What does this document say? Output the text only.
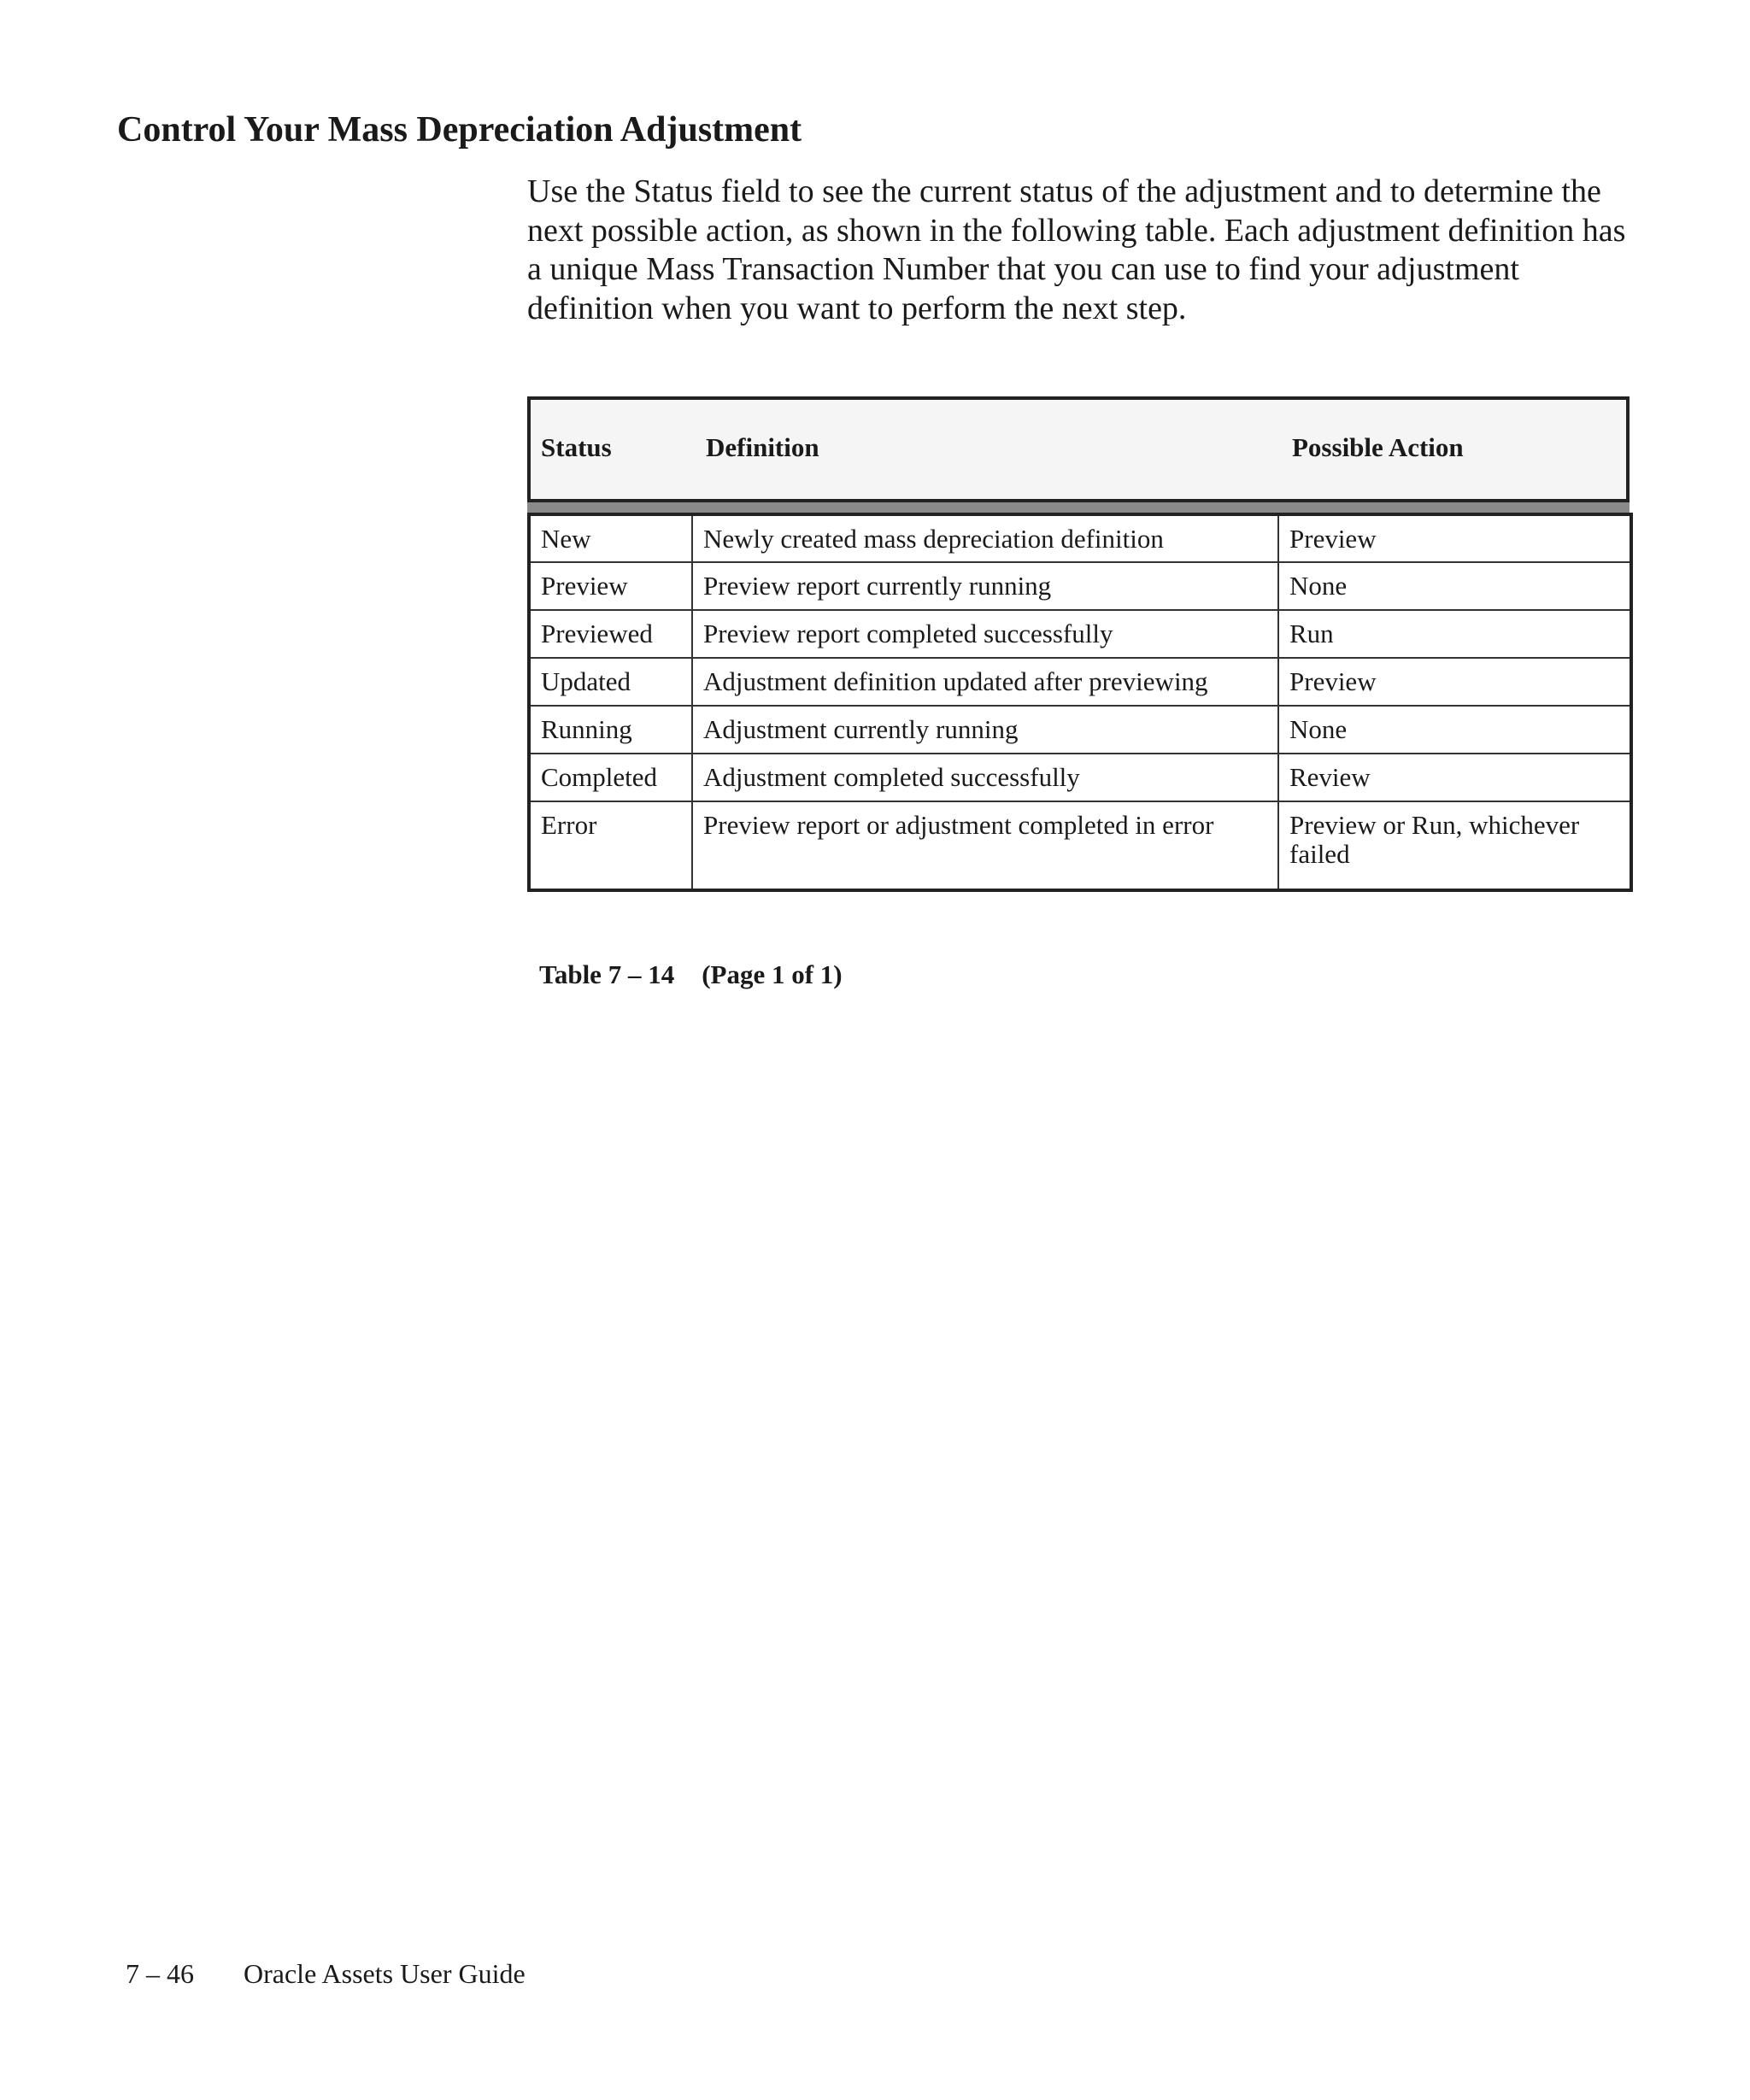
Control Your Mass Depreciation Adjustment

Use the Status field to see the current status of the adjustment and to determine the next possible action, as shown in the following table. Each adjustment definition has a unique Mass Transaction Number that you can use to find your adjustment definition when you want to perform the next step.

Status	Definition	Possible Action
New	Newly created mass depreciation definition	Preview
Preview	Preview report currently running	None
Previewed	Preview report completed successfully	Run
Updated	Adjustment definition updated after previewing	Preview
Running	Adjustment currently running	None
Completed	Adjustment completed successfully	Review
Error	Preview report or adjustment completed in error	Preview or Run, whichever failed

Table 7 – 14 (Page 1 of 1)

7 – 46 Oracle Assets User Guide
